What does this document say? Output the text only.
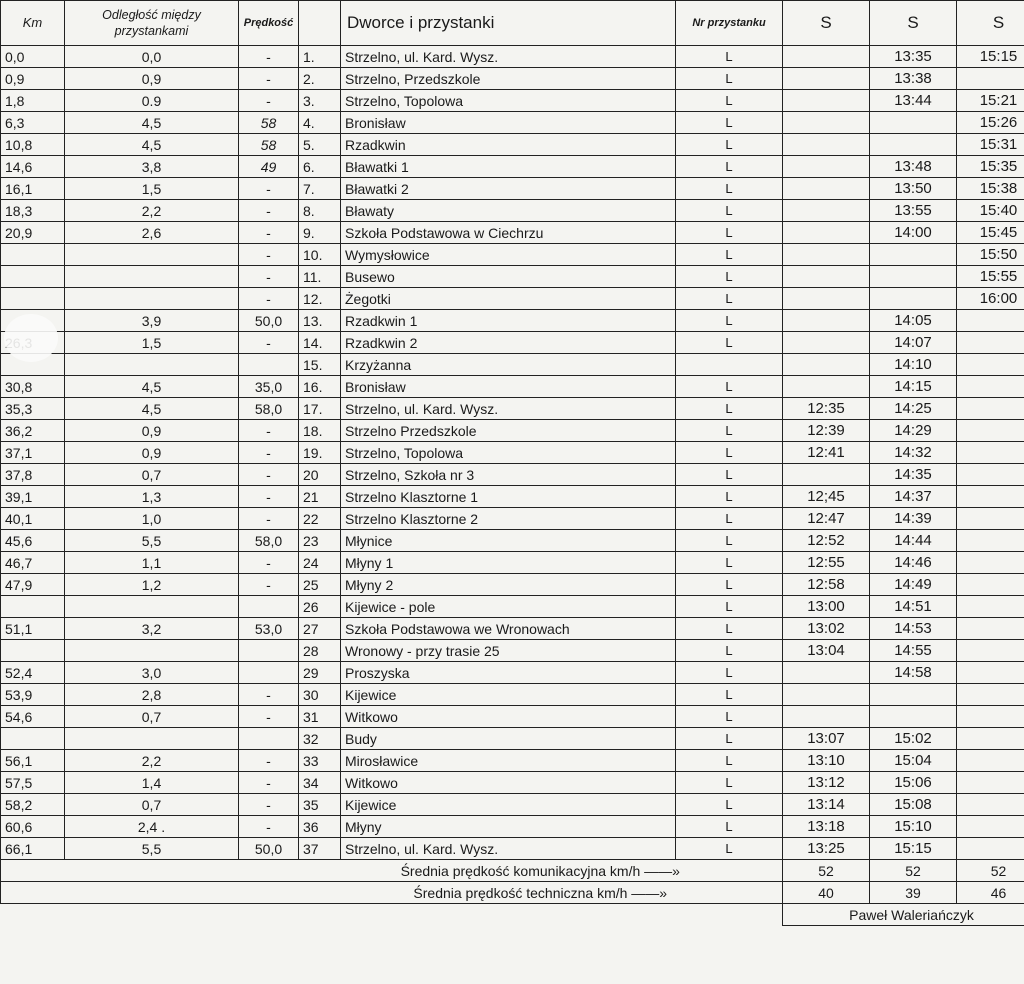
Km	Odległość między przystankami	Prędkość		Dworce i przystanki	Nr przystanku	S	S	S
0,0	0,0	-	1.	Strzelno, ul. Kard. Wysz.	L		13:35	15:15
0,9	0,9	-	2.	Strzelno, Przedszkole	L		13:38	
1,8	0.9	-	3.	Strzelno, Topolowa	L		13:44	15:21
6,3	4,5	58	4.	Bronisław	L			15:26
10,8	4,5	58	5.	Rzadkwin	L			15:31
14,6	3,8	49	6.	Bławatki 1	L		13:48	15:35
16,1	1,5	-	7.	Bławatki 2	L		13:50	15:38
18,3	2,2	-	8.	Bławaty	L		13:55	15:40
20,9	2,6	-	9.	Szkoła Podstawowa w Ciechrzu	L		14:00	15:45
		-	10.	Wymysłowice	L			15:50
		-	11.	Busewo	L			15:55
		-	12.	Żegotki	L			16:00
	3,9	50,0	13.	Rzadkwin 1	L		14:05	
	1,5	-	14.	Rzadkwin 2	L		14:07	
			15.	Krzyżanna			14:10	
30,8	4,5	35,0	16.	Bronisław	L		14:15	
35,3	4,5	58,0	17.	Strzelno, ul. Kard. Wysz.	L	12:35	14:25	
36,2	0,9	-	18.	Strzelno Przedszkole	L	12:39	14:29	
37,1	0,9	-	19.	Strzelno, Topolowa	L	12:41	14:32	
37,8	0,7	-	20	Strzelno, Szkoła nr 3	L		14:35	
39,1	1,3	-	21	Strzelno Klasztorne 1	L	12;45	14:37	
40,1	1,0	-	22	Strzelno Klasztorne 2	L	12:47	14:39	
45,6	5,5	58,0	23	Młynice	L	12:52	14:44	
46,7	1,1	-	24	Młyny 1	L	12:55	14:46	
47,9	1,2	-	25	Młyny 2	L	12:58	14:49	
			26	Kijewice - pole	L	13:00	14:51	
51,1	3,2	53,0	27	Szkoła Podstawowa we Wronowach	L	13:02	14:53	
			28	Wronowy - przy trasie 25	L	13:04	14:55	
52,4	3,0		29	Proszyska	L		14:58	
53,9	2,8	-	30	Kijewice	L			
54,6	0,7	-	31	Witkowo	L			
			32	Budy	L	13:07	15:02	
56,1	2,2	-	33	Mirosławice	L	13:10	15:04	
57,5	1,4	-	34	Witkowo	L	13:12	15:06	
58,2	0,7	-	35	Kijewice	L	13:14	15:08	
60,6	2,4 .	-	36	Młyny	L	13:18	15:10	
66,1	5,5	50,0	37	Strzelno, ul. Kard. Wysz.	L	13:25	15:15	
			Średnia prędkość komunikacyjna km/h ——»			52	52	52
			Średnia prędkość techniczna km/h ——»			40	39	46
						Paweł Waleriańczyk		
